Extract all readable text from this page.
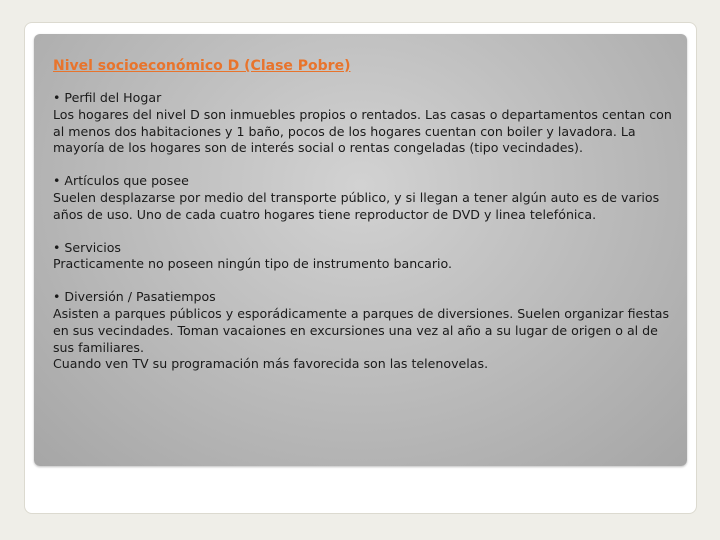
Nivel socioeconómico D (Clase Pobre)
• Perfil del Hogar
Los hogares del nivel D son inmuebles propios o rentados. Las casas o departamentos centan con al menos dos habitaciones y 1 baño, pocos de los hogares cuentan con boiler y lavadora. La mayoría de los hogares son de interés social o rentas congeladas (tipo vecindades).
• Artículos que posee
Suelen desplazarse por medio del transporte público, y si llegan a tener algún auto es de varios años de uso. Uno de cada cuatro hogares tiene reproductor de DVD y linea telefónica.
• Servicios
Practicamente no poseen ningún tipo de instrumento bancario.
• Diversión / Pasatiempos
Asisten a parques públicos y esporádicamente a parques de diversiones. Suelen organizar fiestas en sus vecindades. Toman vacaiones en excursiones una vez al año a su lugar de origen o al de sus familiares.
Cuando ven TV su programación más favorecida son las telenovelas.
